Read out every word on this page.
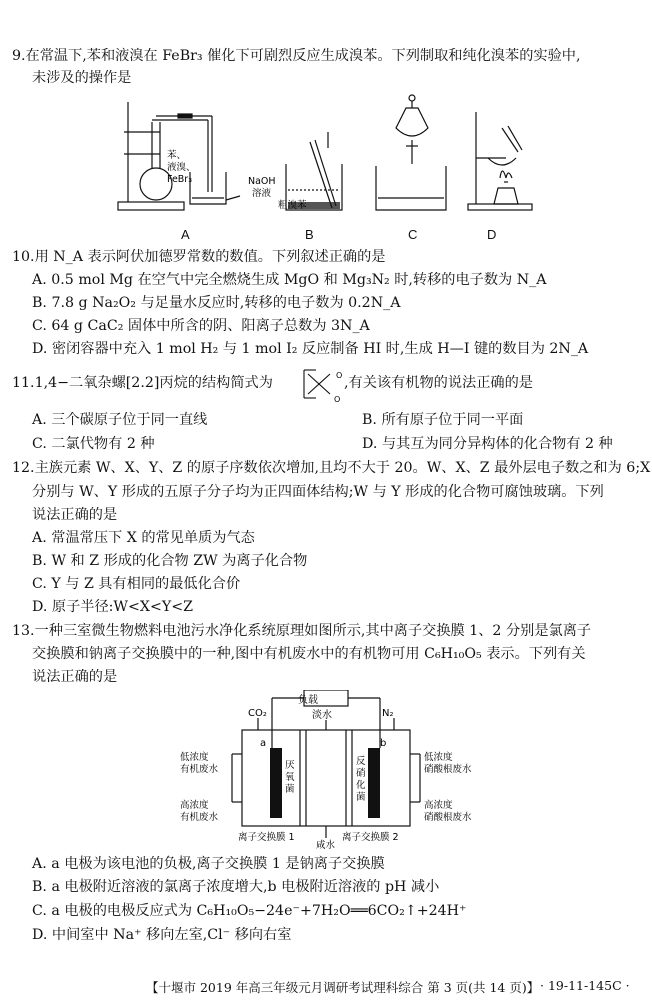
9.在常温下,苯和液溴在 FeBr₃ 催化下可剧烈反应生成溴苯。下列制取和纯化溴苯的实验中,
未涉及的操作是
苯、
液溴、
FeBr₃	NaOH
溶液
粗溴苯
A	B	C	D
10.用 N_A 表示阿伏加德罗常数的数值。下列叙述正确的是
A. 0.5 mol Mg 在空气中完全燃烧生成 MgO 和 Mg₃N₂ 时,转移的电子数为 N_A
B. 7.8 g Na₂O₂ 与足量水反应时,转移的电子数为 0.2N_A
C. 64 g CaC₂ 固体中所含的阴、阳离子总数为 3N_A
D. 密闭容器中充入 1 mol H₂ 与 1 mol I₂ 反应制备 HI 时,生成 H—I 键的数目为 2N_A
11.1,4−二氧杂螺[2.2]丙烷的结构简式为	O
O
,有关该有机物的说法正确的是
A. 三个碳原子位于同一直线	B. 所有原子位于同一平面
C. 二氯代物有 2 种	D. 与其互为同分异构体的化合物有 2 种
12.主族元素 W、X、Y、Z 的原子序数依次增加,且均不大于 20。W、X、Z 最外层电子数之和为 6;X
分别与 W、Y 形成的五原子分子均为正四面体结构;W 与 Y 形成的化合物可腐蚀玻璃。下列
说法正确的是
A. 常温常压下 X 的常见单质为气态
B. W 和 Z 形成的化合物 ZW 为离子化合物
C. Y 与 Z 具有相同的最低化合价
D. 原子半径:W<X<Y<Z
13.一种三室微生物燃料电池污水净化系统原理如图所示,其中离子交换膜 1、2 分别是氯离子
交换膜和钠离子交换膜中的一种,图中有机废水中的有机物可用 C₆H₁₀O₅ 表示。下列有关
说法正确的是
负载
CO₂	N₂
淡水
a	b
低浓度
有机废水
高浓度
有机废水
低浓度
硝酸根废水
高浓度
硝酸根废水
厌
氧
菌
反
硝
化
菌
离子交换膜 1	离子交换膜 2
咸水
A. a 电极为该电池的负极,离子交换膜 1 是钠离子交换膜
B. a 电极附近溶液的氯离子浓度增大,b 电极附近溶液的 pH 减小
C. a 电极的电极反应式为 C₆H₁₀O₅−24e⁻+7H₂O══6CO₂↑+24H⁺
D. 中间室中 Na⁺ 移向左室,Cl⁻ 移向右室
【十堰市 2019 年高三年级元月调研考试理科综合 第 3 页(共 14 页)】 · 19-11-145C ·
